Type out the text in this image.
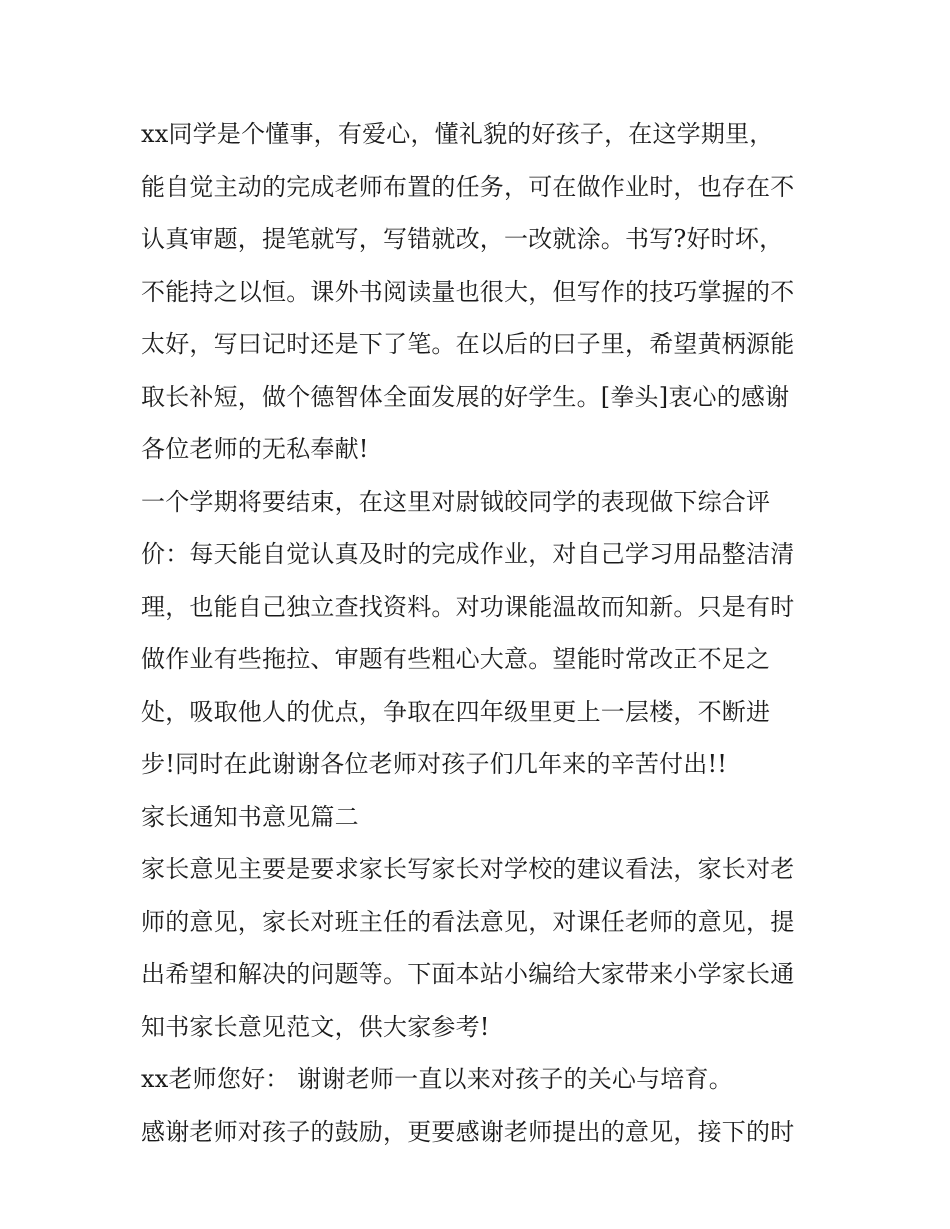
xx同学是个懂事，有爱心，懂礼貌的好孩子，在这学期里，
能自觉主动的完成老师布置的任务，可在做作业时，也存在不
认真审题，提笔就写，写错就改，一改就涂。书写?好时坏，
不能持之以恒。课外书阅读量也很大，但写作的技巧掌握的不
太好，写曰记时还是下了笔。在以后的曰子里，希望黄柄源能
取长补短，做个德智体全面发展的好学生。[拳头]衷心的感谢
各位老师的无私奉献!
一个学期将要结束，在这里对尉钺皎同学的表现做下综合评
价：每天能自觉认真及时的完成作业，对自己学习用品整洁清
理，也能自己独立查找资料。对功课能温故而知新。只是有时
做作业有些拖拉、审题有些粗心大意。望能时常改正不足之
处，吸取他人的优点，争取在四年级里更上一层楼，不断进
步!同时在此谢谢各位老师对孩子们几年来的辛苦付出!!
家长通知书意见篇二
家长意见主要是要求家长写家长对学校的建议看法，家长对老
师的意见，家长对班主任的看法意见，对课任老师的意见，提
出希望和解决的问题等。下面本站小编给大家带来小学家长通
知书家长意见范文，供大家参考!
xx老师您好： 谢谢老师一直以来对孩子的关心与培育。
感谢老师对孩子的鼓励，更要感谢老师提出的意见，接下的时
